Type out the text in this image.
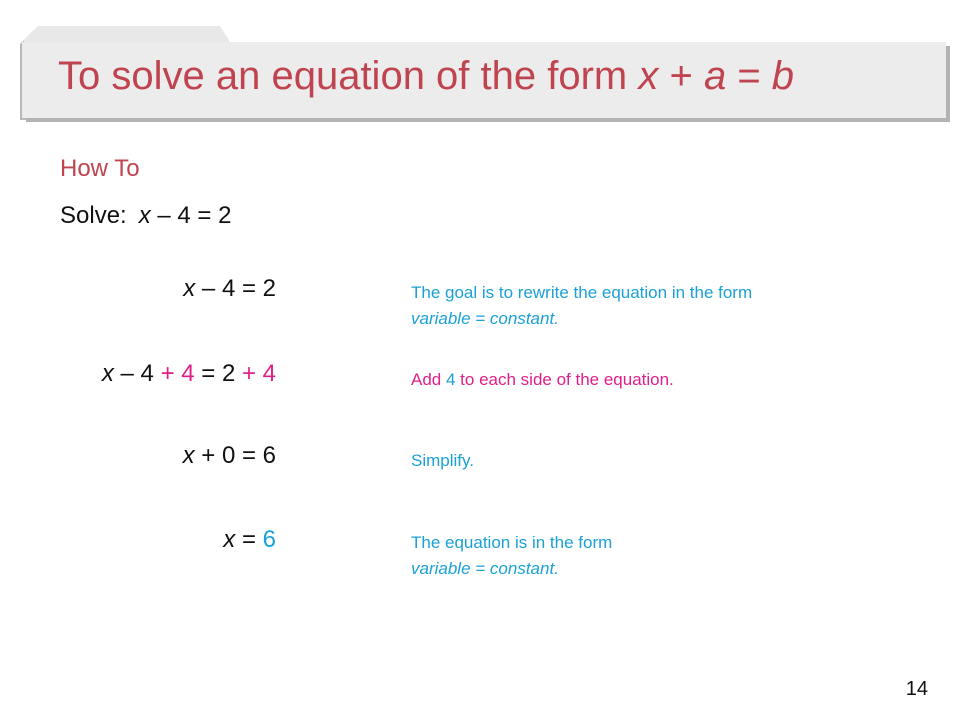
To solve an equation of the form x + a = b
How To
Solve: x – 4 = 2
x – 4 = 2	The goal is to rewrite the equation in the form
variable = constant.
x – 4 + 4 = 2 + 4	Add 4 to each side of the equation.
x + 0 = 6	Simplify.
x = 6	The equation is in the form
variable = constant.
14
